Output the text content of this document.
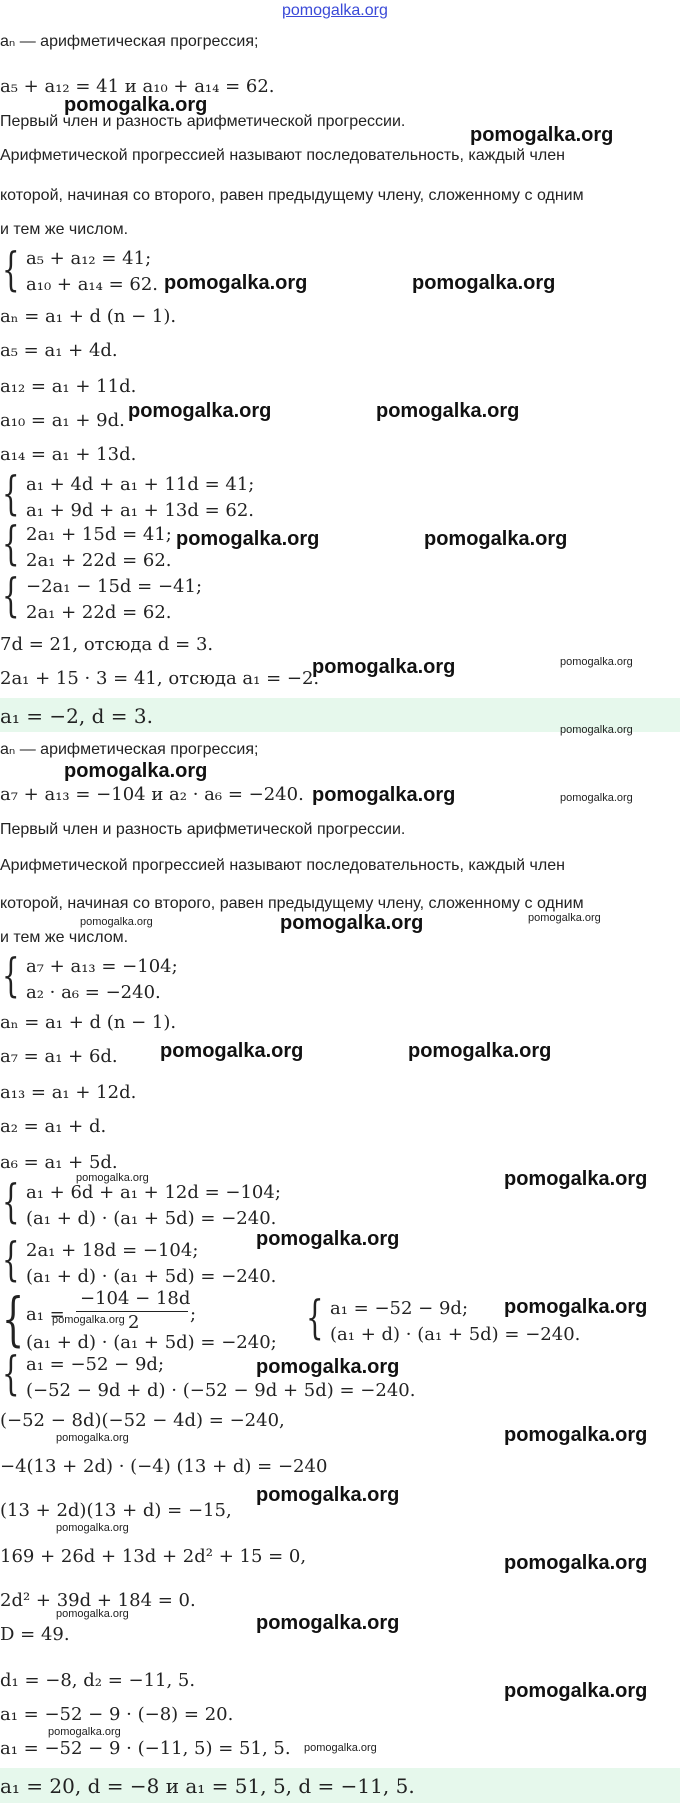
pomogalka.org
aₙ — арифметическая прогрессия;
a₅ + a₁₂ = 41 и a₁₀ + a₁₄ = 62.
Первый член и разность арифметической прогрессии.
Арифметической прогрессией называют последовательность, каждый член
которой, начиная со второго, равен предыдущему члену, сложенному с одним
и тем же числом.
{ a₅ + a₁₂ = 41;
a₁₀ + a₁₄ = 62.
aₙ = a₁ + d (n − 1).
a₅ = a₁ + 4d.
a₁₂ = a₁ + 11d.
a₁₀ = a₁ + 9d.
a₁₄ = a₁ + 13d.
{ a₁ + 4d + a₁ + 11d = 41;
a₁ + 9d + a₁ + 13d = 62.
{ 2a₁ + 15d = 41;
2a₁ + 22d = 62.
{ −2a₁ − 15d = −41;
2a₁ + 22d = 62.
7d = 21, отсюда d = 3.
2a₁ + 15 · 3 = 41, отсюда a₁ = −2.
a₁ = −2, d = 3.
aₙ — арифметическая прогрессия;
a₇ + a₁₃ = −104 и a₂ · a₆ = −240.
Первый член и разность арифметической прогрессии.
Арифметической прогрессией называют последовательность, каждый член
которой, начиная со второго, равен предыдущему члену, сложенному с одним
и тем же числом.
{ a₇ + a₁₃ = −104;
a₂ · a₆ = −240.
aₙ = a₁ + d (n − 1).
a₇ = a₁ + 6d.
a₁₃ = a₁ + 12d.
a₂ = a₁ + d.
a₆ = a₁ + 5d.
{ a₁ + 6d + a₁ + 12d = −104;
(a₁ + d) · (a₁ + 5d) = −240.
{ 2a₁ + 18d = −104;
(a₁ + d) · (a₁ + 5d) = −240.
{ a₁ =
−104 − 18d
2	;
(a₁ + d) · (a₁ + 5d) = −240; { a₁ = −52 − 9d;
(a₁ + d) · (a₁ + 5d) = −240.
{ a₁ = −52 − 9d;
(−52 − 9d + d) · (−52 − 9d + 5d) = −240.
(−52 − 8d)(−52 − 4d) = −240,
−4(13 + 2d) · (−4) (13 + d) = −240
(13 + 2d)(13 + d) = −15,
169 + 26d + 13d + 2d² + 15 = 0,
2d² + 39d + 184 = 0.
D = 49.
d₁ = −8, d₂ = −11, 5.
a₁ = −52 − 9 · (−8) = 20.
a₁ = −52 − 9 · (−11, 5) = 51, 5.
a₁ = 20, d = −8 и a₁ = 51, 5, d = −11, 5.
pomogalka.org
pomogalka.org
pomogalka.org	pomogalka.org
pomogalka.org	pomogalka.org
pomogalka.org	pomogalka.org
pomogalka.org	pomogalka.org
pomogalka.org
pomogalka.org
pomogalka.org	pomogalka.org
pomogalka.org	pomogalka.org	pomogalka.org
pomogalka.org	pomogalka.org
pomogalka.org	pomogalka.org
pomogalka.org
pomogalka.org
pomogalka.org
pomogalka.org
pomogalka.org	pomogalka.org
pomogalka.org
pomogalka.org
pomogalka.org
pomogalka.org	pomogalka.org
pomogalka.org
pomogalka.org
pomogalka.org
